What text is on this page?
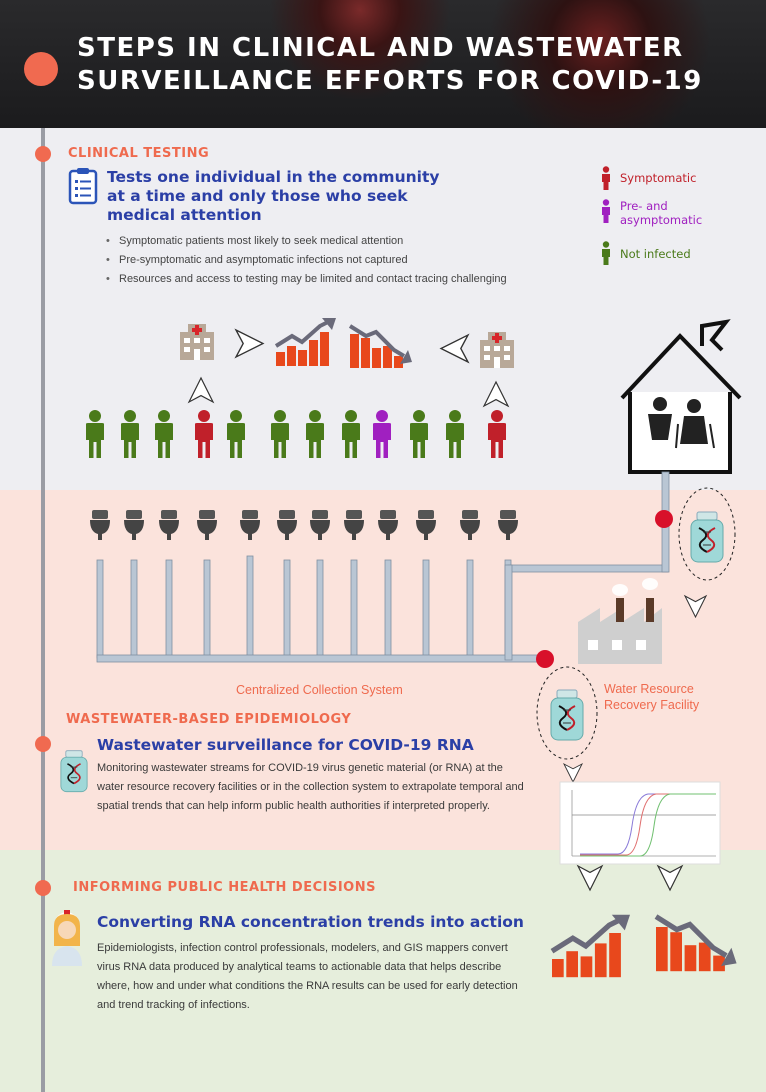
STEPS IN CLINICAL AND WASTEWATER SURVEILLANCE EFFORTS FOR COVID-19
CLINICAL TESTING
Tests one individual in the community at a time and only those who seek medical attention
• Symptomatic patients most likely to seek medical attention
• Pre-symptomatic and asymptomatic infections not captured
• Resources and access to testing may be limited and contact tracing challenging
Symptomatic
Pre- and asymptomatic
Not infected
Centralized Collection System	Water Resource Recovery Facility
WASTEWATER-BASED EPIDEMIOLOGY
Wastewater surveillance for COVID-19 RNA
Monitoring wastewater streams for COVID-19 virus genetic material (or RNA) at the water resource recovery facilities or in the collection system to extrapolate temporal and spatial trends that can help inform public health authorities if interpreted properly.
INFORMING PUBLIC HEALTH DECISIONS
Converting RNA concentration trends into action
Epidemiologists, infection control professionals, modelers, and GIS mappers convert virus RNA data produced by analytical teams to actionable data that helps describe where, how and under what conditions the RNA results can be used for early detection and trend tracking of infections.
